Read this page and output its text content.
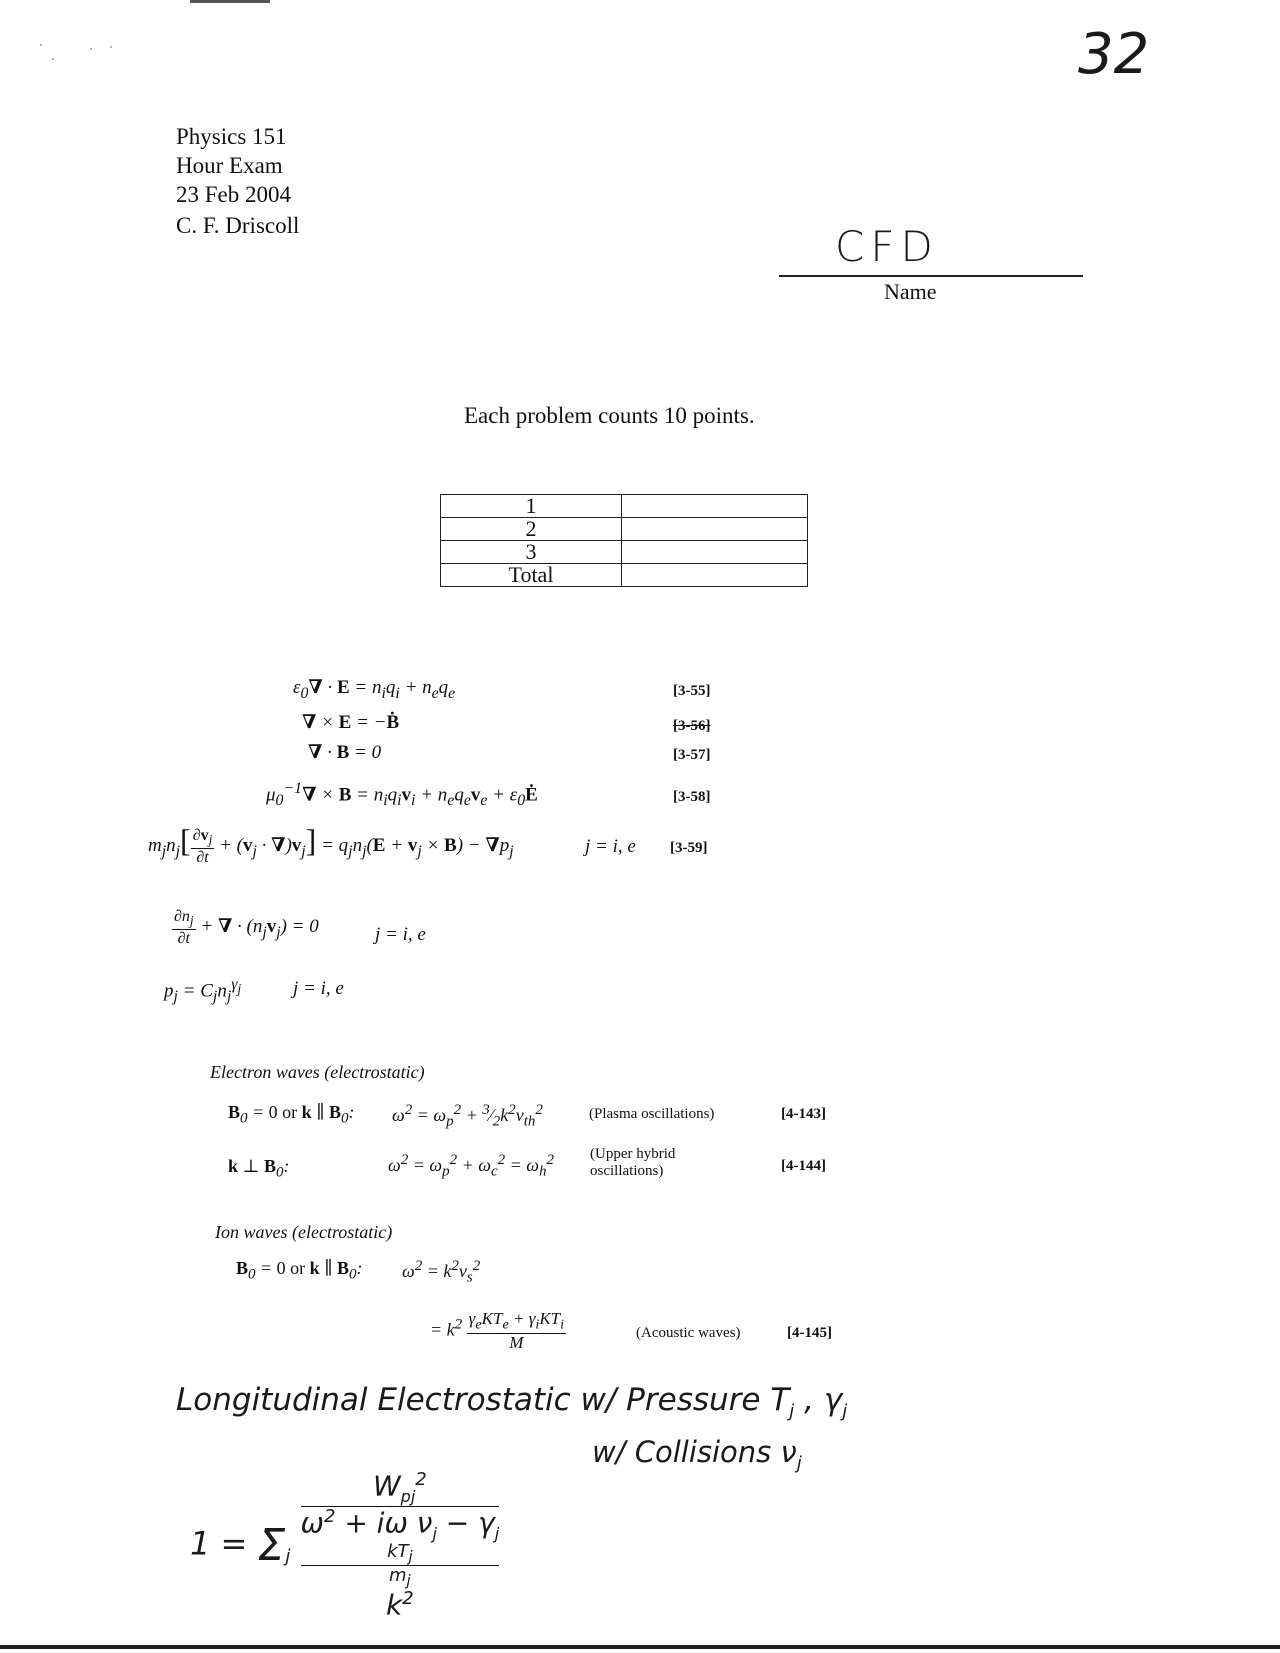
32
Physics 151
Hour Exam
23 Feb 2004
C. F. Driscoll	CFD
Name
Each problem counts 10 points.
1	
2	
3	
Total	
$\varepsilon_0\nabla \cdot E = n_iq_i + n_eq_e$	[3-55]
∇ × E = −Ḃ	[3-56]
∇ · B = 0	[3-57]
$\mu_0^{-1}\nabla \times B = n_iq_iv_i + n_eq_ev_e$ + $\varepsilon_0Ė$	[3-58]
$m_jn_j[ \frac{\partial v_j}{\partial t} + (v_j \cdot \nabla)v_j] = q_jn_j(E + v_j \times B) - \nabla p_j$	j = i, e [3-59]
$\frac{\partial n_j}{\partial t}$ + ∇ · $(n_jv_j) = 0$	j = i, e
$p_j = C_jn_j^{\gamma_j}$	j = i, e
Electron waves (electrostatic)
$B_0 = 0$ or k ∥ $B_0$: $\omega^2 = \omega_p^2$ + $^3⁄_2k^2v_{th}^2$	(Plasma oscillations)	[4-143]
k ⊥ $B_0$:	$\omega^2 = \omega_p^2 + \omega_c^2 = \omega_h^2$ (Upper hybrid
oscillations)	[4-144]
Ion waves (electrostatic)
$B_0 = 0$ or k ∥ $B_0$: $\omega^2 = k^2v_s^2$
= $k^2 \frac{\gamma_eKT_e + \gamma_iKT_i}{M}$	(Acoustic waves)	[4-145]
Longitudinal Electrostatic w/ Pressure $T_j$ , $\gamma_j$
w/ Collisions $\nu_j$
$1 = \Sigma_j$ $W_{pj}^2$
$\omega^2 + i\omega$ $\nu_j - \gamma_j$
$kT_j$
$m_j$
$k^2$
